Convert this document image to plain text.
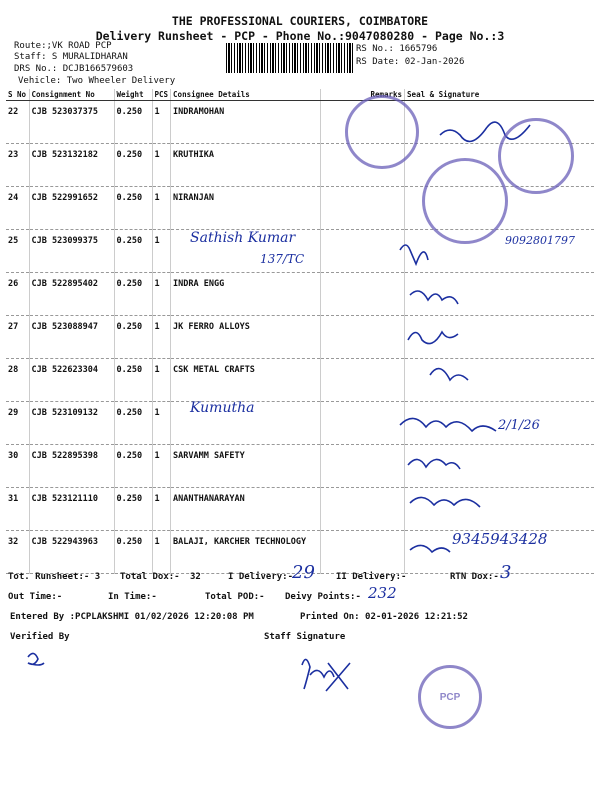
THE PROFESSIONAL COURIERS, COIMBATORE
Delivery Runsheet - PCP - Phone No.:9047080280 - Page No.:3
Route:;VK ROAD PCP
Staff: S MURALIDHARAN
DRS No.: DCJB166579603
Vehicle: Two Wheeler Delivery
RS No.: 1665796
RS Date: 02-Jan-2026
S No	Consignment No	Weight	PCS	Consignee Details	Remarks	Seal & Signature
22	CJB 523037375	0.250	1	INDRAMOHAN		
23	CJB 523132182	0.250	1	KRUTHIKA		
24	CJB 522991652	0.250	1	NIRANJAN		
25	CJB 523099375	0.250	1			
26	CJB 522895402	0.250	1	INDRA ENGG		
27	CJB 523088947	0.250	1	JK FERRO ALLOYS		
28	CJB 522623304	0.250	1	CSK METAL CRAFTS		
29	CJB 523109132	0.250	1			
30	CJB 522895398	0.250	1	SARVAMM SAFETY		
31	CJB 523121110	0.250	1	ANANTHANARAYAN		
32	CJB 522943963	0.250	1	BALAJI, KARCHER TECHNOLOGY		
Sathish Kumar
137/TC
Kumutha
2/1/26
9092801797
9345943428
PCP
Tot. Runsheet:- 3 Total Dox:- 32	I Delivery:-
29 II Delivery:-	RTN Dox:- 3
Out Time:-	In Time:-	Total POD:- Deivy Points:- 232
Entered By :PCPLAKSHMI 01/02/2026 12:20:08 PM	Printed On: 02-01-2026 12:21:52
Verified By	Staff Signature
